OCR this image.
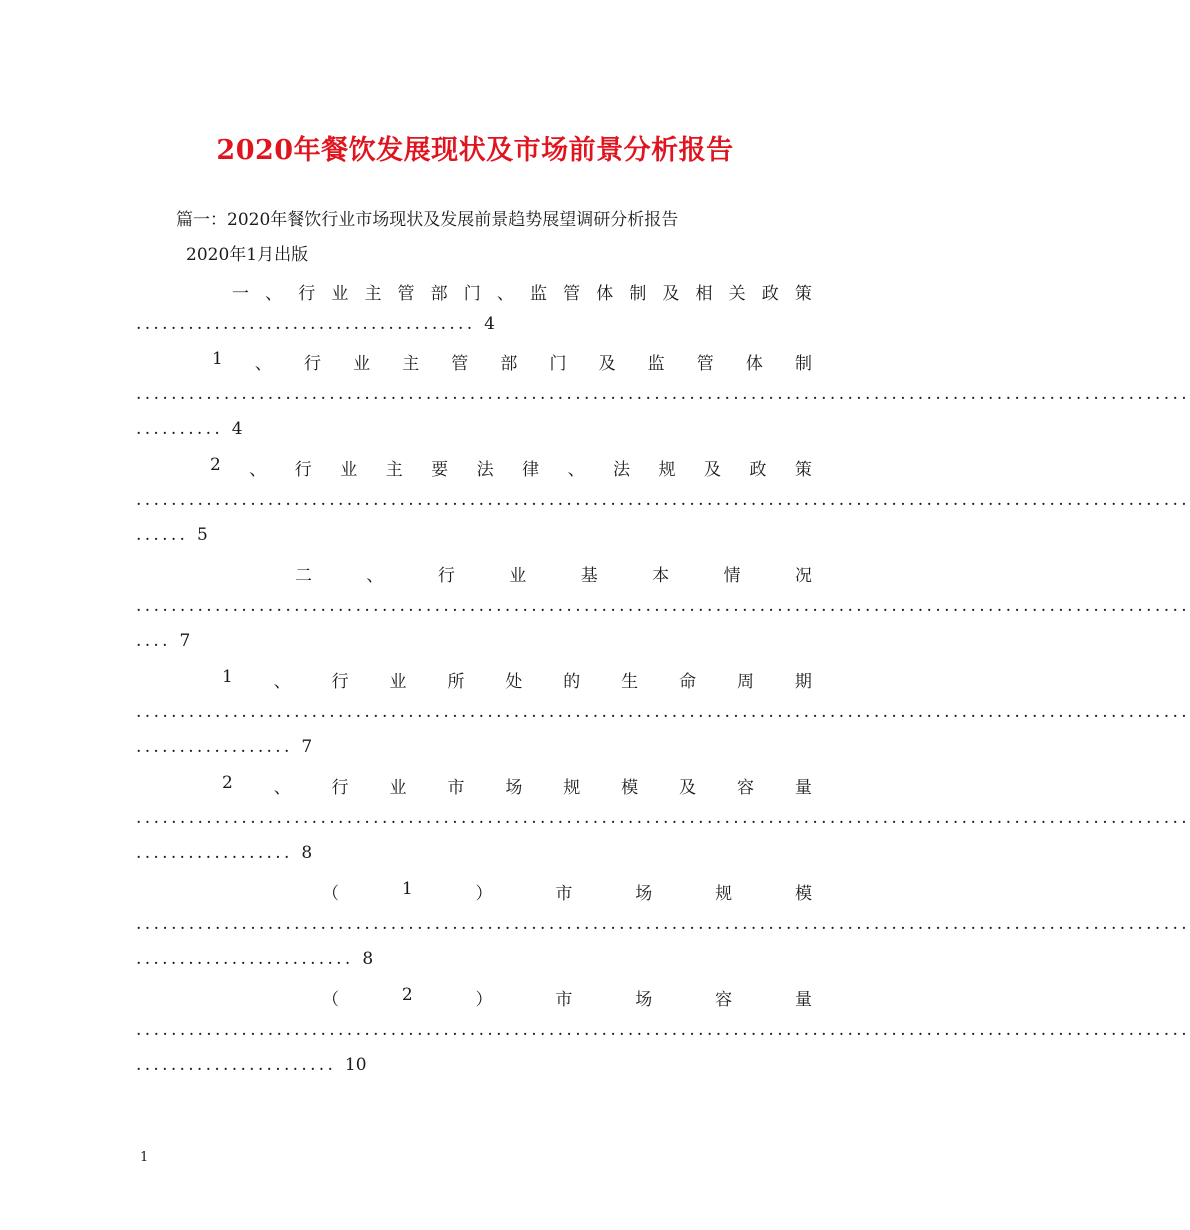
2020年餐饮发展现状及市场前景分析报告
篇一：2020年餐饮行业市场现状及发展前景趋势展望调研分析报告
2020年1月出版
一 、 行 业 主 管 部 门 、 监 管 体 制 及 相 关 政 策
....................................... 4
1 、 行 业 主 管 部 门 及 监 管 体 制
........................................................................................................................
.......... 4
2 、 行 业 主 要 法 律 、 法 规 及 政 策
........................................................................................................................
...... 5
二	、	行	业	基	本	情	况
........................................................................................................................
.... 7
1 、 行 业 所 处 的 生 命 周 期
........................................................................................................................
.................. 7
2 、 行 业 市 场 规 模 及 容 量
........................................................................................................................
.................. 8
（	1	）	市	场	规	模
........................................................................................................................
......................... 8
（	2	）	市	场	容	量
........................................................................................................................
....................... 10
1
